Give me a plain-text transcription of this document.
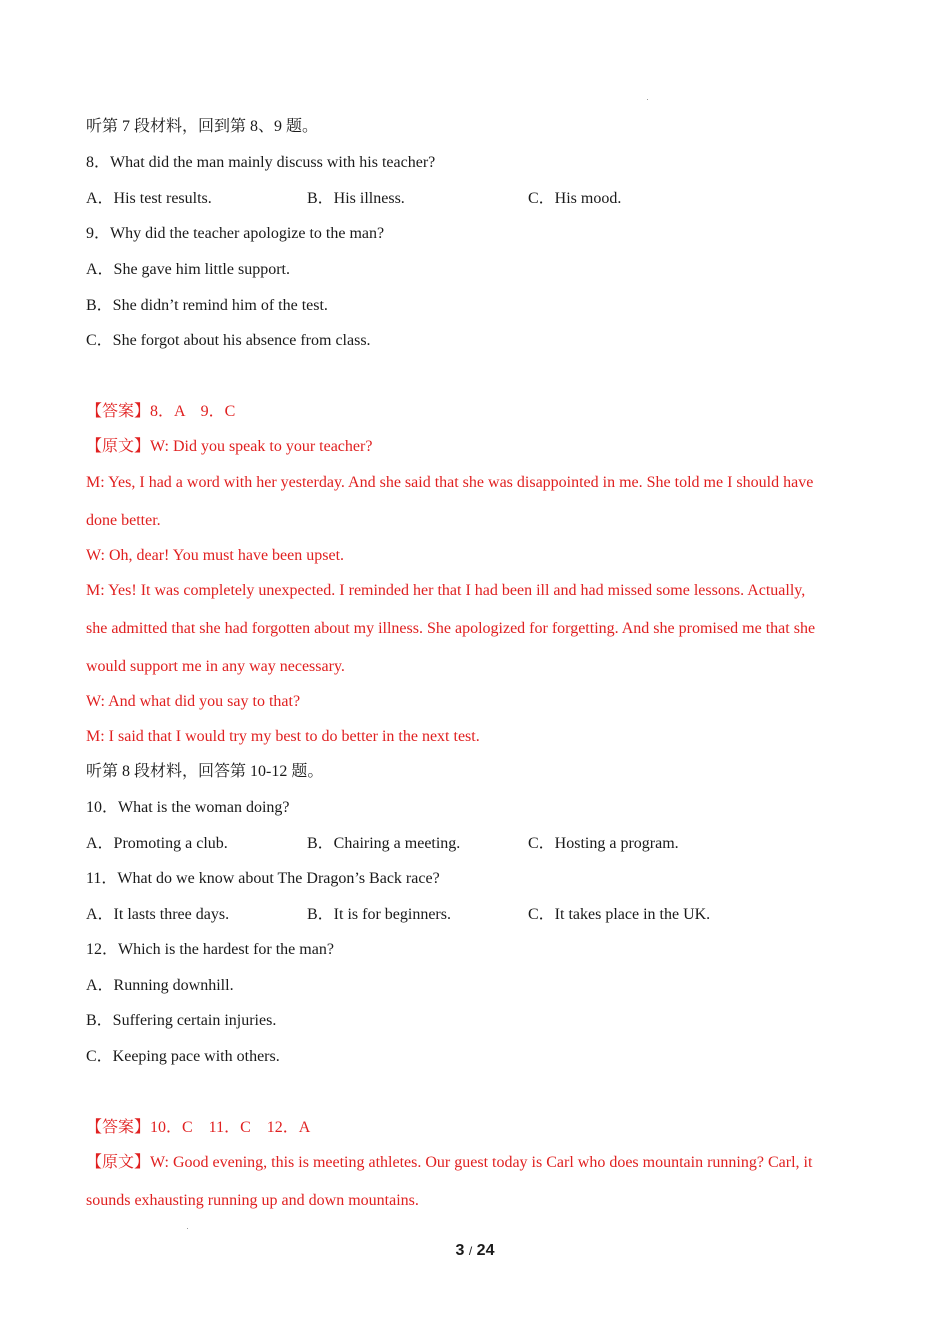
听第 7 段材料，回到第 8、9 题。
8．What did the man mainly discuss with his teacher?
A．His test results.	B．His illness.	C．His mood.
9．Why did the teacher apologize to the man?
A．She gave him little support.
B．She didn’t remind him of the test.
C．She forgot about his absence from class.
【答案】8．A　9．C
【原文】W: Did you speak to your teacher?
M: Yes, I had a word with her yesterday. And she said that she was disappointed in me. She told me I should have
done better.
W: Oh, dear! You must have been upset.
M: Yes! It was completely unexpected. I reminded her that I had been ill and had missed some lessons. Actually,
she admitted that she had forgotten about my illness. She apologized for forgetting. And she promised me that she
would support me in any way necessary.
W: And what did you say to that?
M: I said that I would try my best to do better in the next test.
听第 8 段材料，回答第 10-12 题。
10．What is the woman doing?
A．Promoting a club.	B．Chairing a meeting.	C．Hosting a program.
11．What do we know about The Dragon’s Back race?
A．It lasts three days.	B．It is for beginners.	C．It takes place in the UK.
12．Which is the hardest for the man?
A．Running downhill.
B．Suffering certain injuries.
C．Keeping pace with others.
【答案】10．C　11．C　12．A
【原文】W: Good evening, this is meeting athletes. Our guest today is Carl who does mountain running? Carl, it
sounds exhausting running up and down mountains.
3 / 24
